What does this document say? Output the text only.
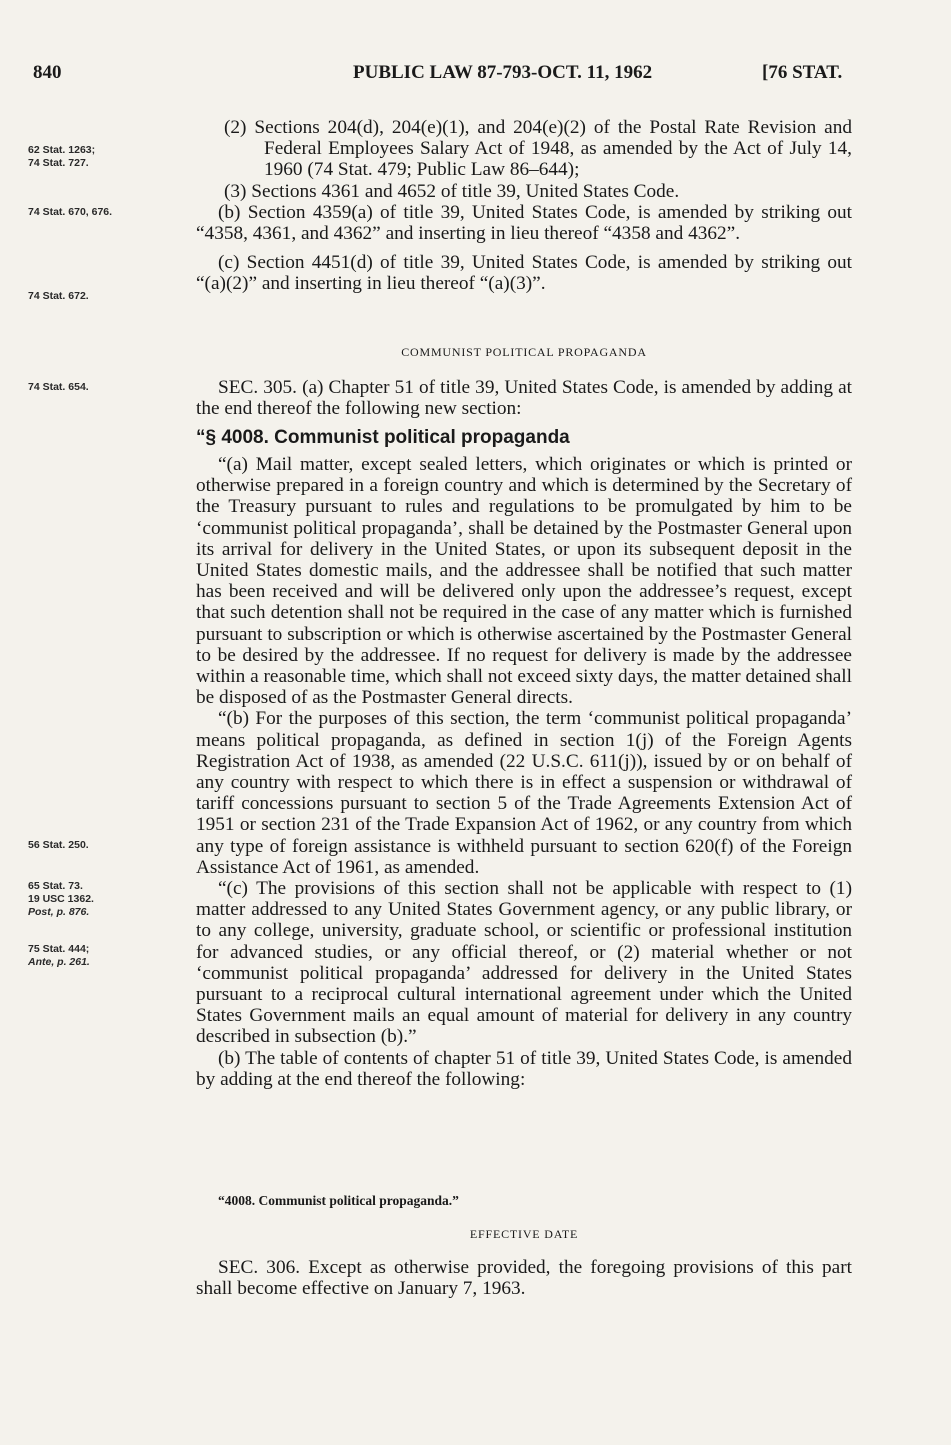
840	PUBLIC LAW 87-793-OCT. 11, 1962	[76 STAT.
62 Stat. 1263;
74 Stat. 727.
74 Stat. 670, 676.
74 Stat. 672.
74 Stat. 654.
56 Stat. 250.
65 Stat. 73.
19 USC 1362.
Post, p. 876.
75 Stat. 444;
Ante, p. 261.

(2) Sections 204(d), 204(e)(1), and 204(e)(2) of the Postal Rate Revision and Federal Employees Salary Act of 1948, as amended by the Act of July 14, 1960 (74 Stat. 479; Public Law 86–644);

(3) Sections 4361 and 4652 of title 39, United States Code.

(b) Section 4359(a) of title 39, United States Code, is amended by striking out “4358, 4361, and 4362” and inserting in lieu thereof “4358 and 4362”.

(c) Section 4451(d) of title 39, United States Code, is amended by striking out “(a)(2)” and inserting in lieu thereof “(a)(3)”.

COMMUNIST POLITICAL PROPAGANDA

SEC. 305. (a) Chapter 51 of title 39, United States Code, is amended by adding at the end thereof the following new section:

“§ 4008. Communist political propaganda

“(a) Mail matter, except sealed letters, which originates or which is printed or otherwise prepared in a foreign country and which is determined by the Secretary of the Treasury pursuant to rules and regulations to be promulgated by him to be ‘communist political propaganda’, shall be detained by the Postmaster General upon its arrival for delivery in the United States, or upon its subsequent deposit in the United States domestic mails, and the addressee shall be notified that such matter has been received and will be delivered only upon the addressee’s request, except that such detention shall not be required in the case of any matter which is furnished pursuant to subscription or which is otherwise ascertained by the Postmaster General to be desired by the addressee. If no request for delivery is made by the addressee within a reasonable time, which shall not exceed sixty days, the matter detained shall be disposed of as the Postmaster General directs.

“(b) For the purposes of this section, the term ‘communist political propaganda’ means political propaganda, as defined in section 1(j) of the Foreign Agents Registration Act of 1938, as amended (22 U.S.C. 611(j)), issued by or on behalf of any country with respect to which there is in effect a suspension or withdrawal of tariff concessions pursuant to section 5 of the Trade Agreements Extension Act of 1951 or section 231 of the Trade Expansion Act of 1962, or any country from which any type of foreign assistance is withheld pursuant to section 620(f) of the Foreign Assistance Act of 1961, as amended.

“(c) The provisions of this section shall not be applicable with respect to (1) matter addressed to any United States Government agency, or any public library, or to any college, university, graduate school, or scientific or professional institution for advanced studies, or any official thereof, or (2) material whether or not ‘communist political propaganda’ addressed for delivery in the United States pursuant to a reciprocal cultural international agreement under which the United States Government mails an equal amount of material for delivery in any country described in subsection (b).”

(b) The table of contents of chapter 51 of title 39, United States Code, is amended by adding at the end thereof the following:

“4008. Communist political propaganda.”
EFFECTIVE DATE

SEC. 306. Except as otherwise provided, the foregoing provisions of this part shall become effective on January 7, 1963.
